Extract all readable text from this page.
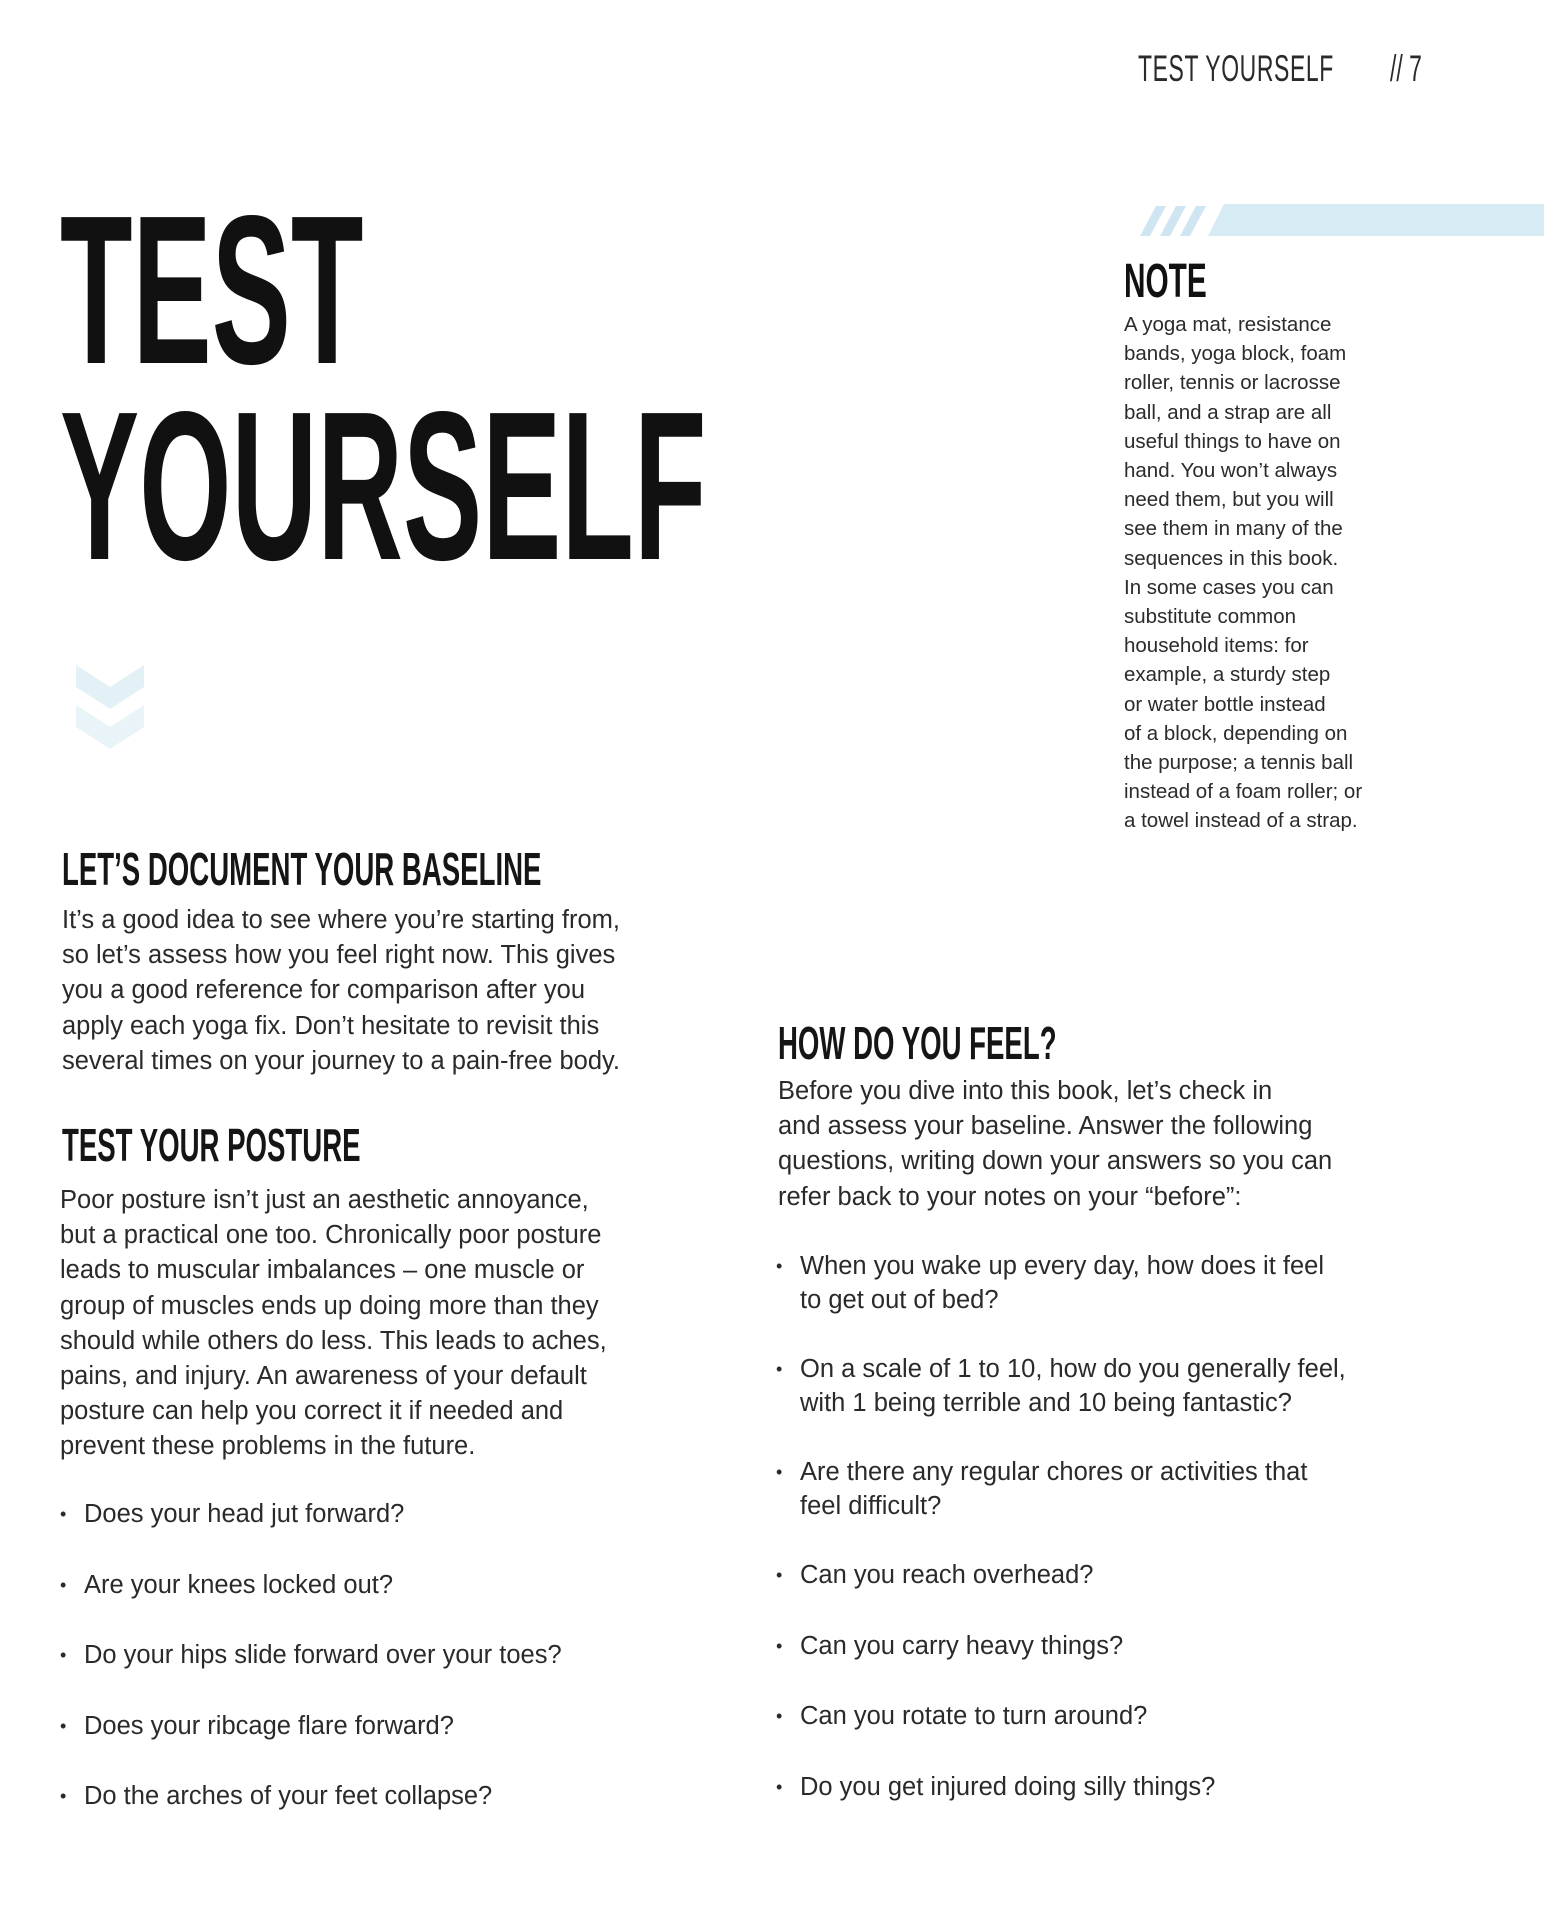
TEST YOURSELF	// 7
TEST
YOURSELF
NOTE
A yoga mat, resistance
bands, yoga block, foam
roller, tennis or lacrosse
ball, and a strap are all
useful things to have on
hand. You won’t always
need them, but you will
see them in many of the
sequences in this book.
In some cases you can
substitute common
household items: for
example, a sturdy step
or water bottle instead
of a block, depending on
the purpose; a tennis ball
instead of a foam roller; or
a towel instead of a strap.
LET’S DOCUMENT YOUR BASELINE
It’s a good idea to see where you’re starting from,
so let’s assess how you feel right now. This gives
you a good reference for comparison after you
apply each yoga fix. Don’t hesitate to revisit this
several times on your journey to a pain-free body.
TEST YOUR POSTURE
Poor posture isn’t just an aesthetic annoyance,
but a practical one too. Chronically poor posture
leads to muscular imbalances – one muscle or
group of muscles ends up doing more than they
should while others do less. This leads to aches,
pains, and injury. An awareness of your default
posture can help you correct it if needed and
prevent these problems in the future.
• Does your head jut forward?
• Are your knees locked out?
• Do your hips slide forward over your toes?
• Does your ribcage flare forward?
• Do the arches of your feet collapse?
HOW DO YOU FEEL?
Before you dive into this book, let’s check in
and assess your baseline. Answer the following
questions, writing down your answers so you can
refer back to your notes on your “before”:
• When you wake up every day, how does it feel
to get out of bed?
• On a scale of 1 to 10, how do you generally feel,
with 1 being terrible and 10 being fantastic?
• Are there any regular chores or activities that
feel difficult?
• Can you reach overhead?
• Can you carry heavy things?
• Can you rotate to turn around?
• Do you get injured doing silly things?
